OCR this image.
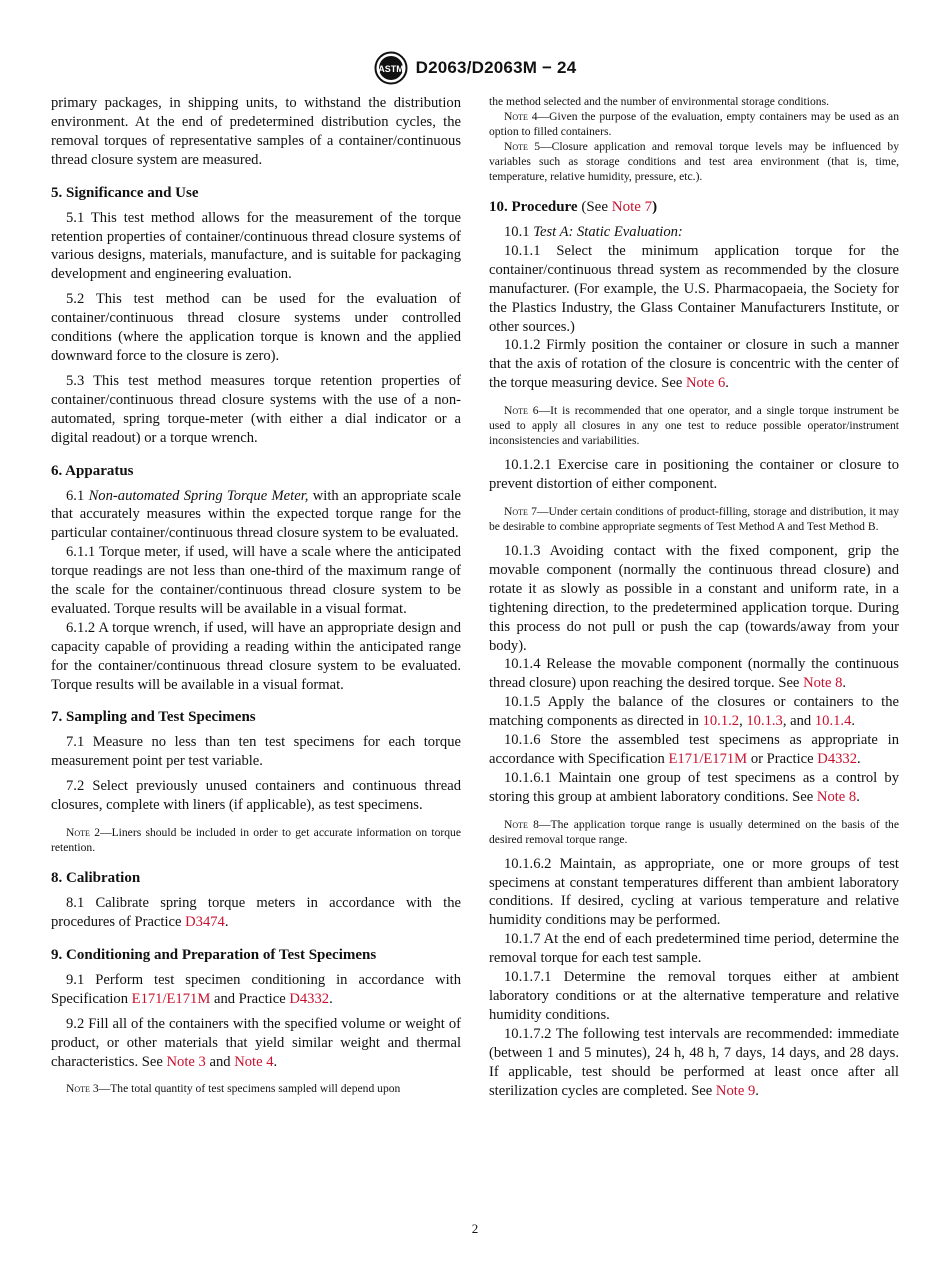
ASTM D2063/D2063M − 24

primary packages, in shipping units, to withstand the distribution environment. At the end of predetermined distribution cycles, the removal torques of representative samples of a container/continuous thread closure system are measured.

5. Significance and Use

5.1 This test method allows for the measurement of the torque retention properties of container/continuous thread closure systems of various designs, materials, manufacture, and is suitable for packaging development and engineering evaluation.

5.2 This test method can be used for the evaluation of container/continuous thread closure systems under controlled conditions (where the application torque is known and the applied downward force to the closure is zero).

5.3 This test method measures torque retention properties of container/continuous thread closure systems with the use of a non-automated, spring torque-meter (with either a dial indicator or a digital readout) or a torque wrench.

6. Apparatus

6.1 Non-automated Spring Torque Meter, with an appropriate scale that accurately measures within the expected torque range for the particular container/continuous thread closure system to be evaluated.

6.1.1 Torque meter, if used, will have a scale where the anticipated torque readings are not less than one-third of the maximum range of the scale for the container/continuous thread closure system to be evaluated. Torque results will be available in a visual format.

6.1.2 A torque wrench, if used, will have an appropriate design and capacity capable of providing a reading within the anticipated range for the container/continuous thread closure system to be evaluated. Torque results will be available in a visual format.

7. Sampling and Test Specimens

7.1 Measure no less than ten test specimens for each torque measurement point per test variable.

7.2 Select previously unused containers and continuous thread closures, complete with liners (if applicable), as test specimens.

Note 2—Liners should be included in order to get accurate information on torque retention.
8. Calibration

8.1 Calibrate spring torque meters in accordance with the procedures of Practice D3474.

9. Conditioning and Preparation of Test Specimens

9.1 Perform test specimen conditioning in accordance with Specification E171/E171M and Practice D4332.

9.2 Fill all of the containers with the specified volume or weight of product, or other materials that yield similar weight and thermal characteristics. See Note 3 and Note 4.

Note 3—The total quantity of test specimens sampled will depend upon
the method selected and the number of environmental storage conditions.
Note 4—Given the purpose of the evaluation, empty containers may be used as an option to filled containers.
Note 5—Closure application and removal torque levels may be influenced by variables such as storage conditions and test area environment (that is, time, temperature, relative humidity, pressure, etc.).
10. Procedure (See Note 7)

10.1 Test A: Static Evaluation:

10.1.1 Select the minimum application torque for the container/continuous thread system as recommended by the closure manufacturer. (For example, the U.S. Pharmacopaeia, the Society for the Plastics Industry, the Glass Container Manufacturers Institute, or other sources.)

10.1.2 Firmly position the container or closure in such a manner that the axis of rotation of the closure is concentric with the center of the torque measuring device. See Note 6.

Note 6—It is recommended that one operator, and a single torque instrument be used to apply all closures in any one test to reduce possible operator/instrument inconsistencies and variabilities.

10.1.2.1 Exercise care in positioning the container or closure to prevent distortion of either component.

Note 7—Under certain conditions of product-filling, storage and distribution, it may be desirable to combine appropriate segments of Test Method A and Test Method B.

10.1.3 Avoiding contact with the fixed component, grip the movable component (normally the continuous thread closure) and rotate it as slowly as possible in a constant and uniform rate, in a tightening direction, to the predetermined application torque. During this process do not pull or push the cap (towards/away from your body).

10.1.4 Release the movable component (normally the continuous thread closure) upon reaching the desired torque. See Note 8.

10.1.5 Apply the balance of the closures or containers to the matching components as directed in 10.1.2, 10.1.3, and 10.1.4.

10.1.6 Store the assembled test specimens as appropriate in accordance with Specification E171/E171M or Practice D4332.

10.1.6.1 Maintain one group of test specimens as a control by storing this group at ambient laboratory conditions. See Note 8.

Note 8—The application torque range is usually determined on the basis of the desired removal torque range.

10.1.6.2 Maintain, as appropriate, one or more groups of test specimens at constant temperatures different than ambient laboratory conditions. If desired, cycling at various temperature and relative humidity conditions may be performed.

10.1.7 At the end of each predetermined time period, determine the removal torque for each test sample.

10.1.7.1 Determine the removal torques either at ambient laboratory conditions or at the alternative temperature and relative humidity conditions.

10.1.7.2 The following test intervals are recommended: immediate (between 1 and 5 minutes), 24 h, 48 h, 7 days, 14 days, and 28 days. If applicable, test should be performed at least once after all sterilization cycles are completed. See Note 9.

2
